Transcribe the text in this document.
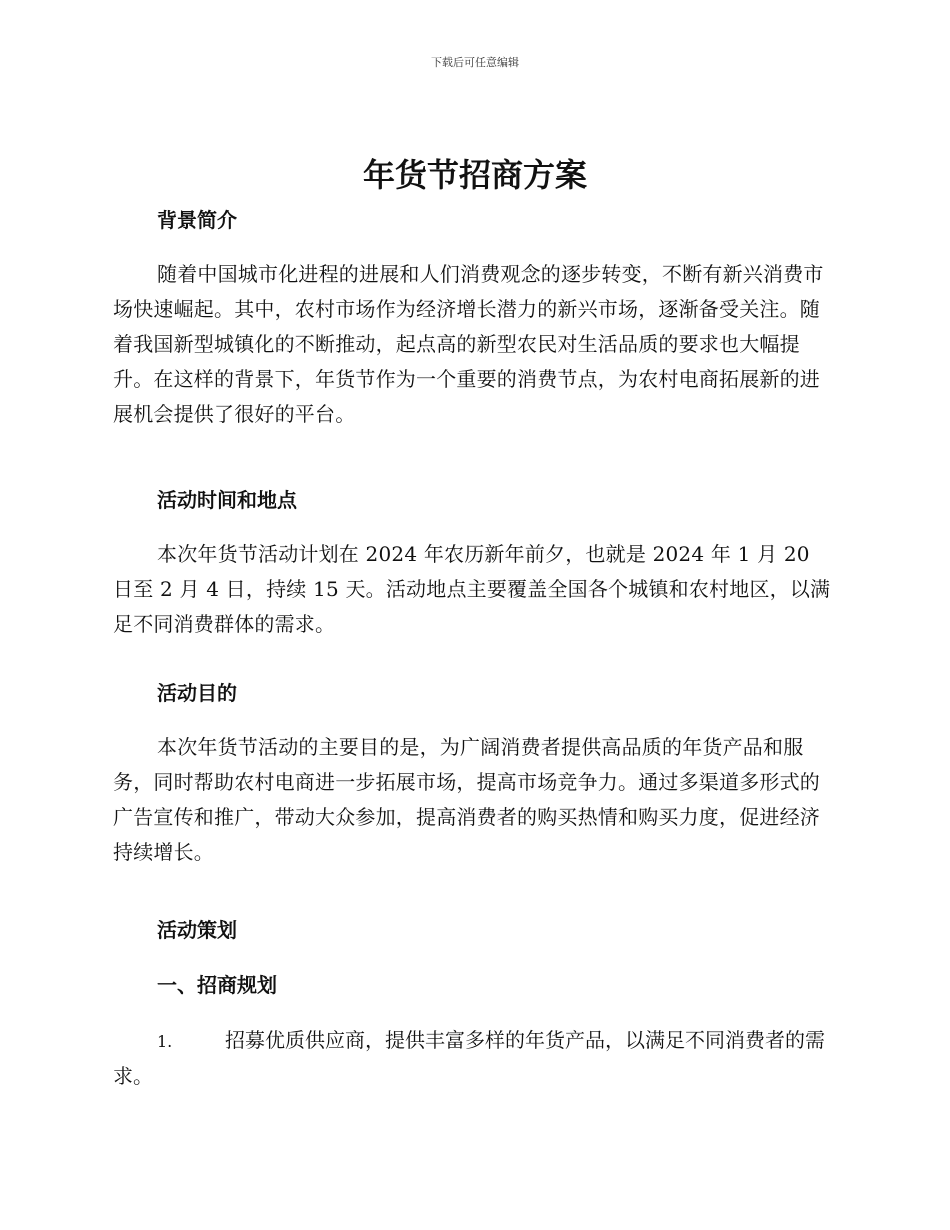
下载后可任意编辑
年货节招商方案
背景简介

随着中国城市化进程的进展和人们消费观念的逐步转变，不断有新兴消费市场快速崛起。其中，农村市场作为经济增长潜力的新兴市场，逐渐备受关注。随着我国新型城镇化的不断推动，起点高的新型农民对生活品质的要求也大幅提升。在这样的背景下，年货节作为一个重要的消费节点，为农村电商拓展新的进展机会提供了很好的平台。

活动时间和地点

本次年货节活动计划在 2024 年农历新年前夕，也就是 2024 年 1 月 20 日至 2 月 4 日，持续 15 天。活动地点主要覆盖全国各个城镇和农村地区，以满足不同消费群体的需求。

活动目的

本次年货节活动的主要目的是，为广阔消费者提供高品质的年货产品和服务，同时帮助农村电商进一步拓展市场，提高市场竞争力。通过多渠道多形式的广告宣传和推广，带动大众参加，提高消费者的购买热情和购买力度，促进经济持续增长。

活动策划
一、招商规划

1.	招募优质供应商，提供丰富多样的年货产品，以满足不同消费者的需求。
